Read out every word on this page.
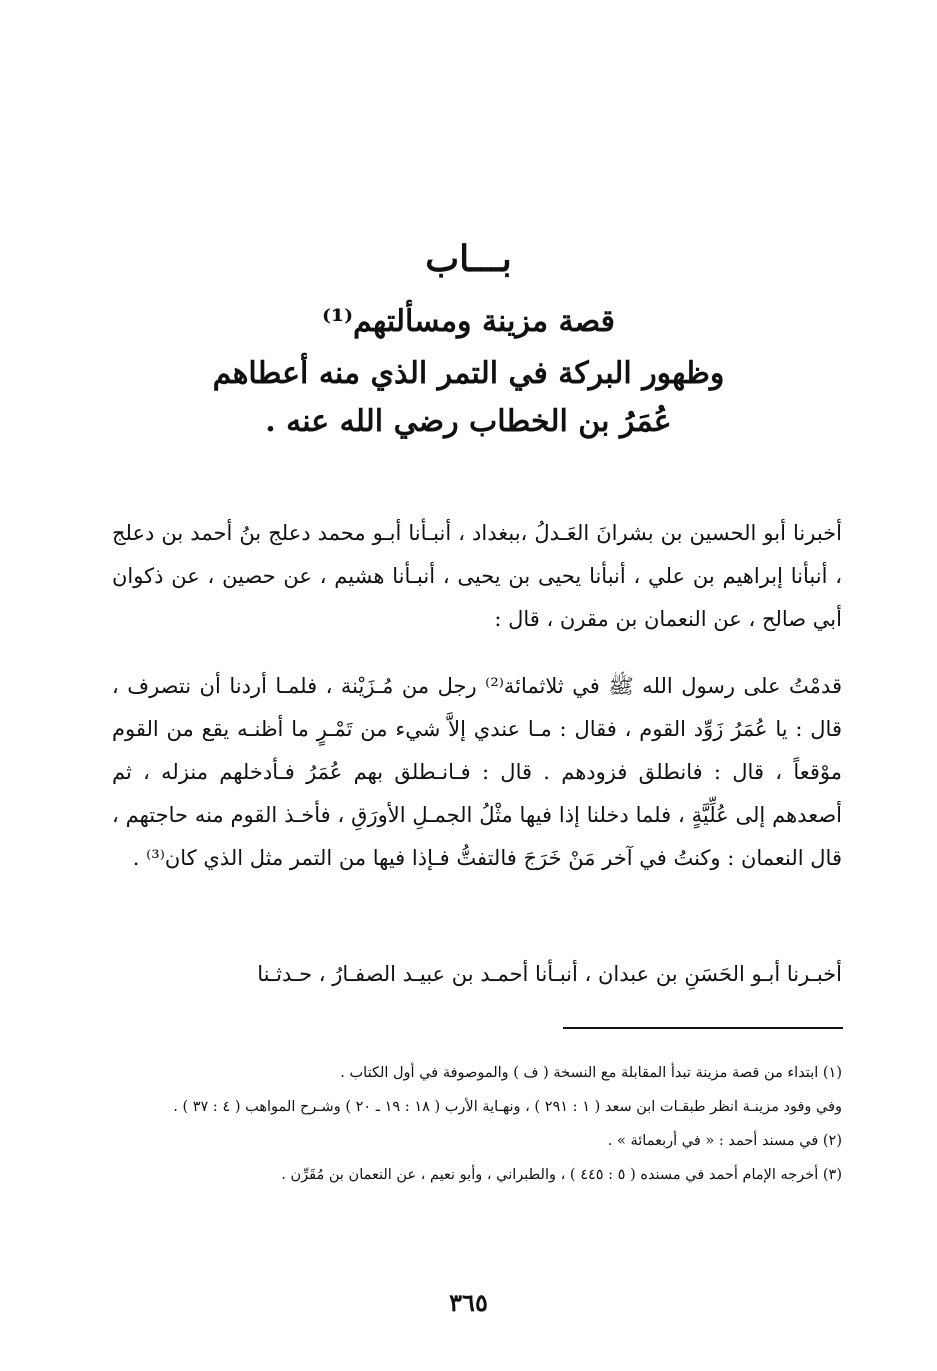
بـــاب
قصة مزينة ومسألتهم⁽¹⁾
وظهور البركة في التمر الذي منه أعطاهم
عُمَرُ بن الخطاب رضي الله عنه .
أخبرنا أبو الحسين بن بشرانَ العَـدلُ ،ببغداد ، أنبـأنا أبـو محمد دعلج بنُ أحمد بن دعلج ، أنبأنا إبراهيم بن علي ، أنبأنا يحيى بن يحيى ، أنبـأنا هشيم ، عن حصين ، عن ذكوان أبي صالح ، عن النعمان بن مقرن ، قال :
قدمْتُ على رسول الله ﷺ في ثلاثمائة⁽²⁾ رجل من مُـزَيْنة ، فلمـا أردنا أن نتصرف ، قال : يا عُمَرُ زَوِّد القوم ، فقال : مـا عندي إلاَّ شيء من تَمْـرٍ ما أظنـه يقع من القوم موْقعاً ، قال : فانطلق فزودهم . قال : فـانـطلق بهم عُمَرُ فـأدخلهم منزله ، ثم أصعدهم إلى عُلِّيَّةٍ ، فلما دخلنا إذا فيها مثْلُ الجمـلِ الأورَقِ ، فأخـذ القوم منه حاجتهم ، قال النعمان : وكنتُ في آخر مَنْ خَرَجَ فالتفتُّ فـإذا فيها من التمر مثل الذي كان⁽³⁾ .
أخبـرنا أبـو الحَسَنِ بن عبدان ، أنبـأنا أحمـد بن عبيـد الصفـارُ ، حـدثـنا

(١) ابتداء من قصة مزينة تبدأ المقابلة مع النسخة ( ف ) والموصوفة في أول الكتاب .

وفي وفود مزينـة انظر طبقـات ابن سعد ( ١ : ٢٩١ ) ، ونهـاية الأرب ( ١٨ : ١٩ ـ ٢٠ ) وشـرح المواهب ( ٤ : ٣٧ ) .

(٢) في مسند أحمد : « في أربعمائة » .

(٣) أخرجه الإمام أحمد في مسنده ( ٥ : ٤٤٥ ) ، والطبراني ، وأبو نعيم ، عن النعمان بن مُقَرِّن .

٣٦٥
